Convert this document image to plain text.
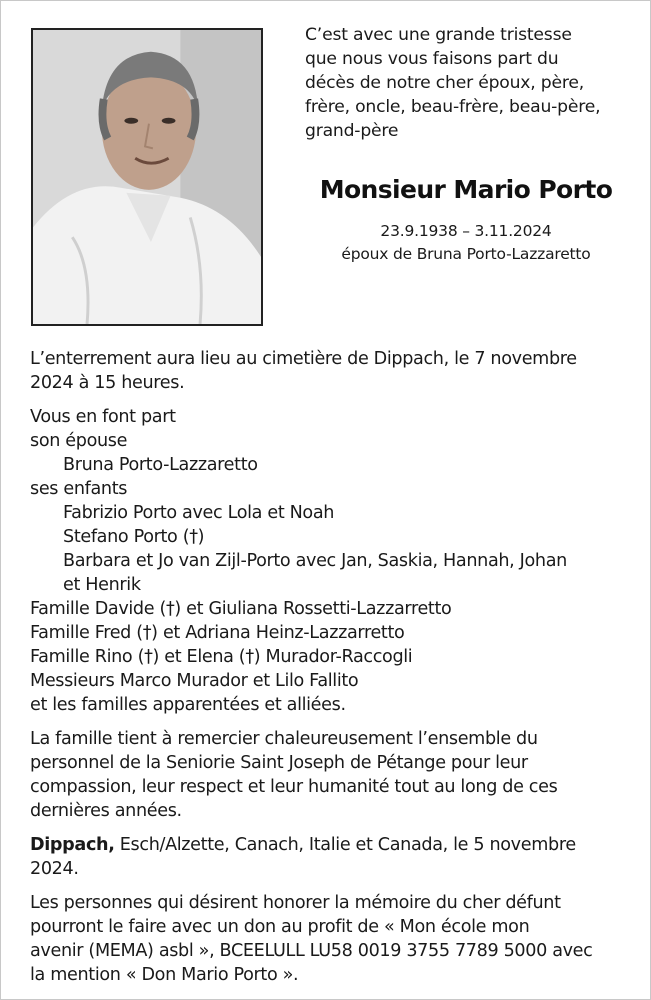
C’est avec une grande tristesse
que nous vous faisons part du
décès de notre cher époux, père,
frère, oncle, beau-frère, beau-père,
grand-père
Monsieur Mario Porto
23.9.1938 – 3.11.2024
époux de Bruna Porto-Lazzaretto

L’enterrement aura lieu au cimetière de Dippach, le 7 novembre

2024 à 15 heures.

Vous en font part

son épouse

Bruna Porto-Lazzaretto

ses enfants

Fabrizio Porto avec Lola et Noah

Stefano Porto (†)

Barbara et Jo van Zijl-Porto avec Jan, Saskia, Hannah, Johan

et Henrik

Famille Davide (†) et Giuliana Rossetti-Lazzarretto

Famille Fred (†) et Adriana Heinz-Lazzarretto

Famille Rino (†) et Elena (†) Murador-Raccogli

Messieurs Marco Murador et Lilo Fallito

et les familles apparentées et alliées.

La famille tient à remercier chaleureusement l’ensemble du

personnel de la Seniorie Saint Joseph de Pétange pour leur

compassion, leur respect et leur humanité tout au long de ces

dernières années.

Dippach, Esch/Alzette, Canach, Italie et Canada, le 5 novembre

2024.

Les personnes qui désirent honorer la mémoire du cher défunt

pourront le faire avec un don au profit de « Mon école mon

avenir (MEMA) asbl », BCEELULL LU58 0019 3755 7789 5000 avec

la mention « Don Mario Porto ».
